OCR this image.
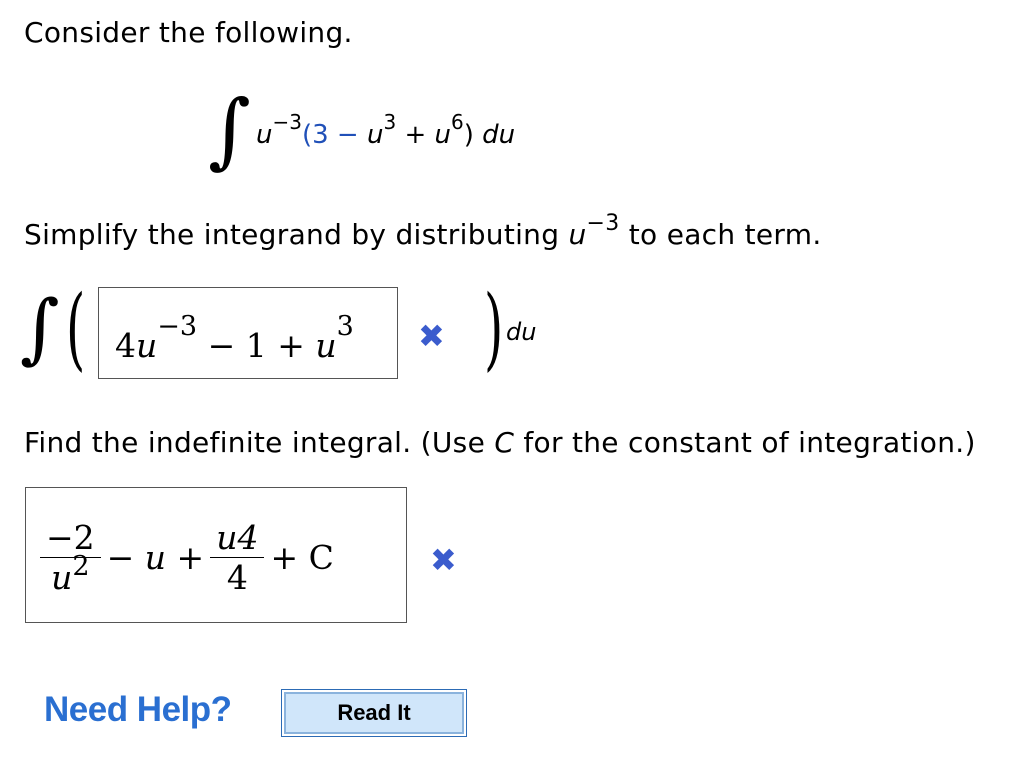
Consider the following.
∫ $u^{-3}(3 - u^3 + u^6)$ du
Simplify the integrand by distributing $u^{-3}$ to each term.
∫ ( $4u^{-3} - 1 + u^3$ ✖ ) du
Find the indefinite integral. (Use C for the constant of integration.)
$\frac{-2}{u^2} - u + \frac{u4}{4} + C$	✖
Need Help?	Read It
